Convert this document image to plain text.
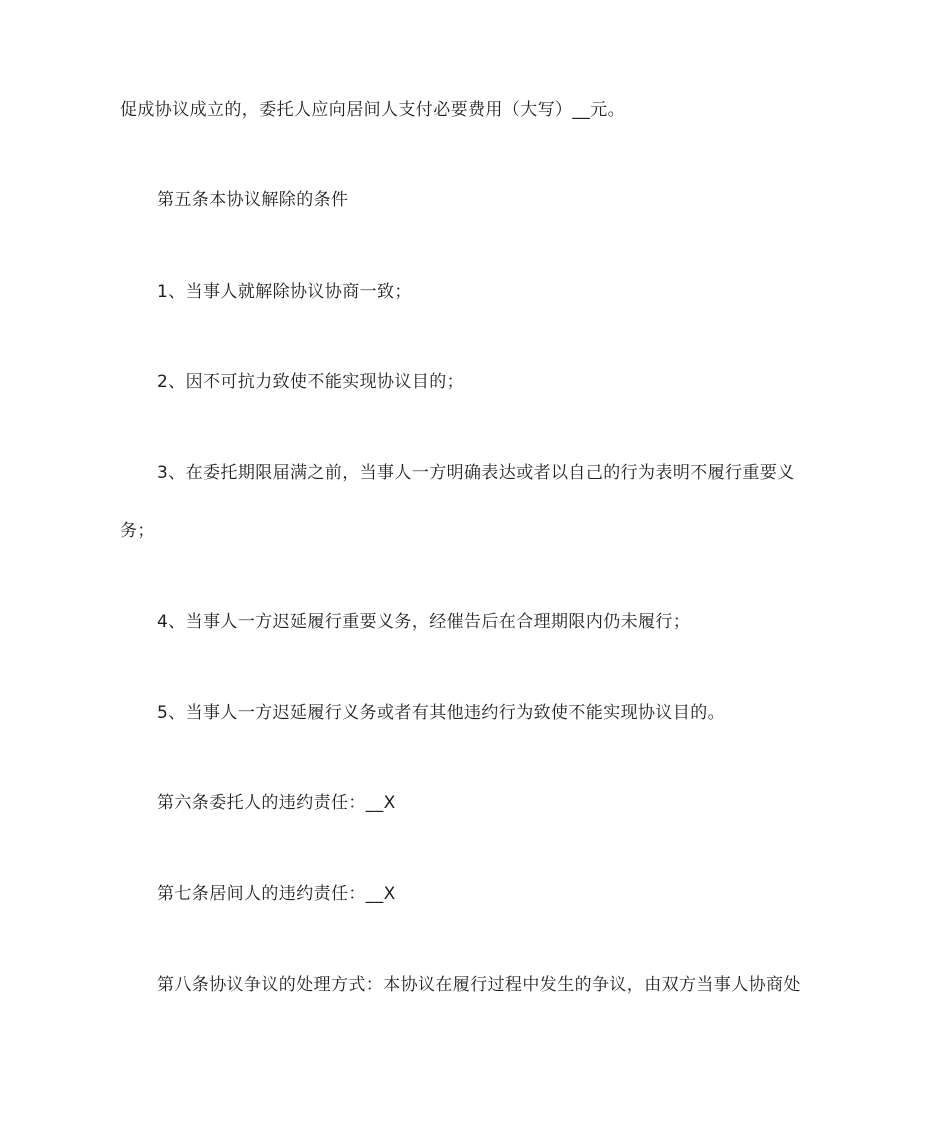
促成协议成立的，委托人应向居间人支付必要费用（大写）__元。
第五条本协议解除的条件
1、当事人就解除协议协商一致；
2、因不可抗力致使不能实现协议目的；
3、在委托期限届满之前，当事人一方明确表达或者以自己的行为表明不履行重要义
务；
4、当事人一方迟延履行重要义务，经催告后在合理期限内仍未履行；
5、当事人一方迟延履行义务或者有其他违约行为致使不能实现协议目的。
第六条委托人的违约责任：__X
第七条居间人的违约责任：__X
第八条协议争议的处理方式：本协议在履行过程中发生的争议，由双方当事人协商处
